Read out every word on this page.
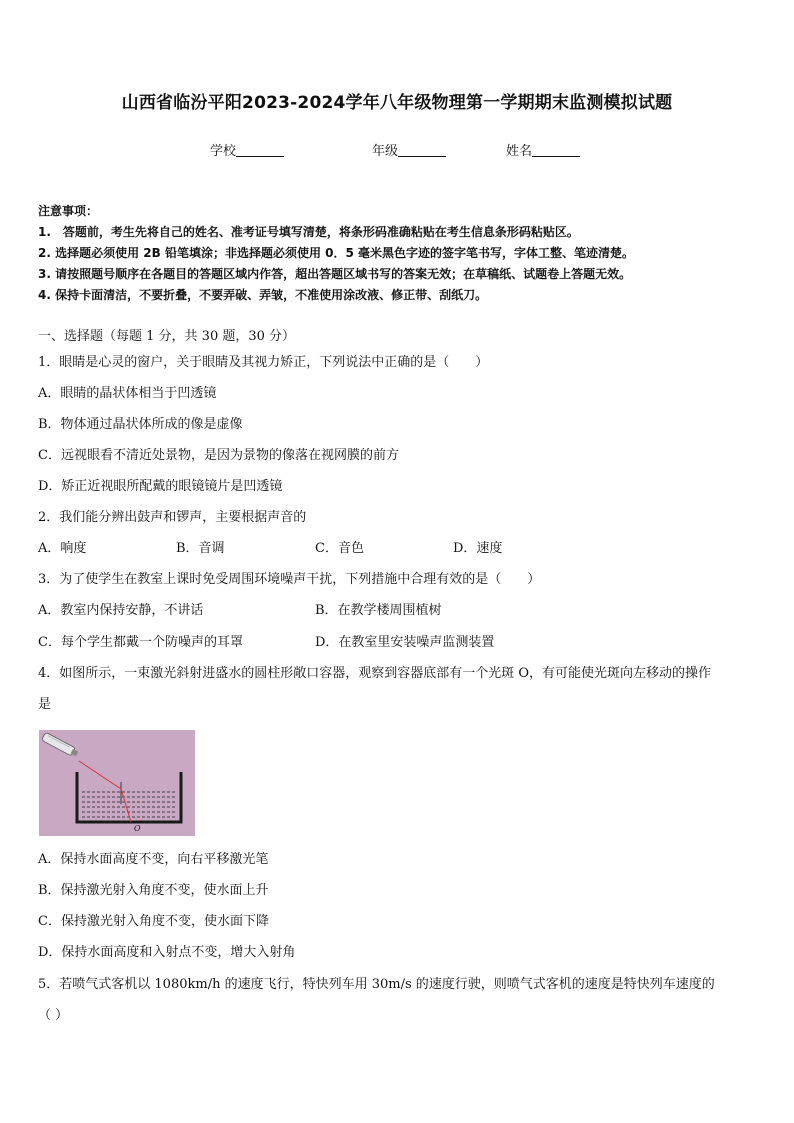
山西省临汾平阳2023-2024学年八年级物理第一学期期末监测模拟试题
学校	年级	姓名
注意事项：
1.　答题前，考生先将自己的姓名、准考证号填写清楚，将条形码准确粘贴在考生信息条形码粘贴区。
2. 选择题必须使用 2B 铅笔填涂；非选择题必须使用 0．5 毫米黑色字迹的签字笔书写，字体工整、笔迹清楚。
3. 请按照题号顺序在各题目的答题区域内作答，超出答题区域书写的答案无效；在草稿纸、试题卷上答题无效。
4. 保持卡面清洁，不要折叠，不要弄破、弄皱，不准使用涂改液、修正带、刮纸刀。
一、选择题（每题 1 分，共 30 题，30 分）
1．眼睛是心灵的窗户，关于眼睛及其视力矫正，下列说法中正确的是（　　）
A．眼睛的晶状体相当于凹透镜
B．物体通过晶状体所成的像是虚像
C．远视眼看不清近处景物，是因为景物的像落在视网膜的前方
D．矫正近视眼所配戴的眼镜镜片是凹透镜
2．我们能分辨出鼓声和锣声，主要根据声音的
A．响度	B．音调	C．音色	D．速度
3．为了使学生在教室上课时免受周围环境噪声干扰，下列措施中合理有效的是（　　）
A．教室内保持安静，不讲话	B．在教学楼周围植树
C．每个学生都戴一个防噪声的耳罩	D．在教室里安装噪声监测装置
4．如图所示，一束激光斜射进盛水的圆柱形敞口容器，观察到容器底部有一个光斑 O，有可能使光斑向左移动的操作
是
O
A．保持水面高度不变，向右平移激光笔
B．保持激光射入角度不变，使水面上升
C．保持激光射入角度不变，使水面下降
D．保持水面高度和入射点不变，增大入射角
5．若喷气式客机以 1080km/h 的速度飞行，特快列车用 30m/s 的速度行驶，则喷气式客机的速度是特快列车速度的
（ ）
